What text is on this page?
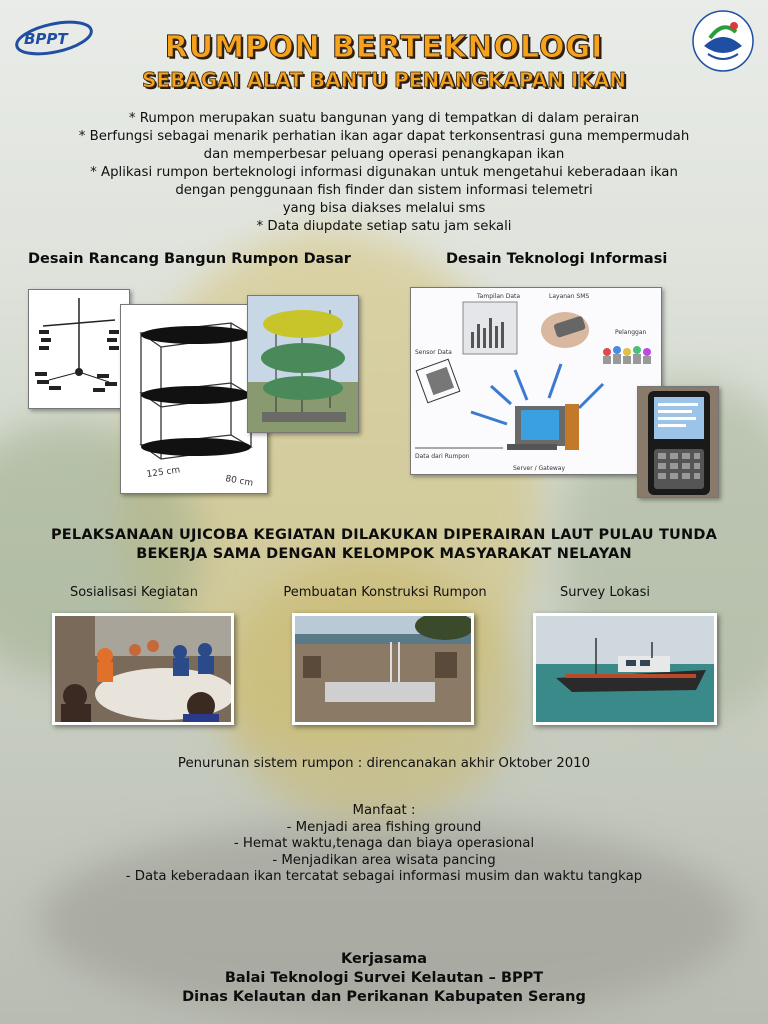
BPPT	RUMPON BERTEKNOLOGI
SEBAGAI ALAT BANTU PENANGKAPAN IKAN
* Rumpon merupakan suatu bangunan yang di tempatkan di dalam perairan
* Berfungsi sebagai menarik perhatian ikan agar dapat terkonsentrasi guna mempermudah
dan memperbesar peluang operasi penangkapan ikan
* Aplikasi rumpon berteknologi informasi digunakan untuk mengetahui keberadaan ikan
dengan penggunaan fish finder dan sistem informasi telemetri
yang bisa diakses melalui sms
* Data diupdate setiap satu jam sekali
Desain Rancang Bangun Rumpon Dasar	Desain Teknologi Informasi
125 cm
80 cm
Tampilan Data	Layanan SMS
Pelanggan
Sensor Data
Data dari Rumpon
Server / Gateway
PELAKSANAAN UJICOBA KEGIATAN DILAKUKAN DIPERAIRAN LAUT PULAU TUNDA
BEKERJA SAMA DENGAN KELOMPOK MASYARAKAT NELAYAN
Sosialisasi Kegiatan	Pembuatan Konstruksi Rumpon	Survey Lokasi
Penurunan sistem rumpon : direncanakan akhir Oktober 2010
Manfaat :
- Menjadi area fishing ground
- Hemat waktu,tenaga dan biaya operasional
- Menjadikan area wisata pancing
- Data keberadaan ikan tercatat sebagai informasi musim dan waktu tangkap
Kerjasama
Balai Teknologi Survei Kelautan – BPPT
Dinas Kelautan dan Perikanan Kabupaten Serang
